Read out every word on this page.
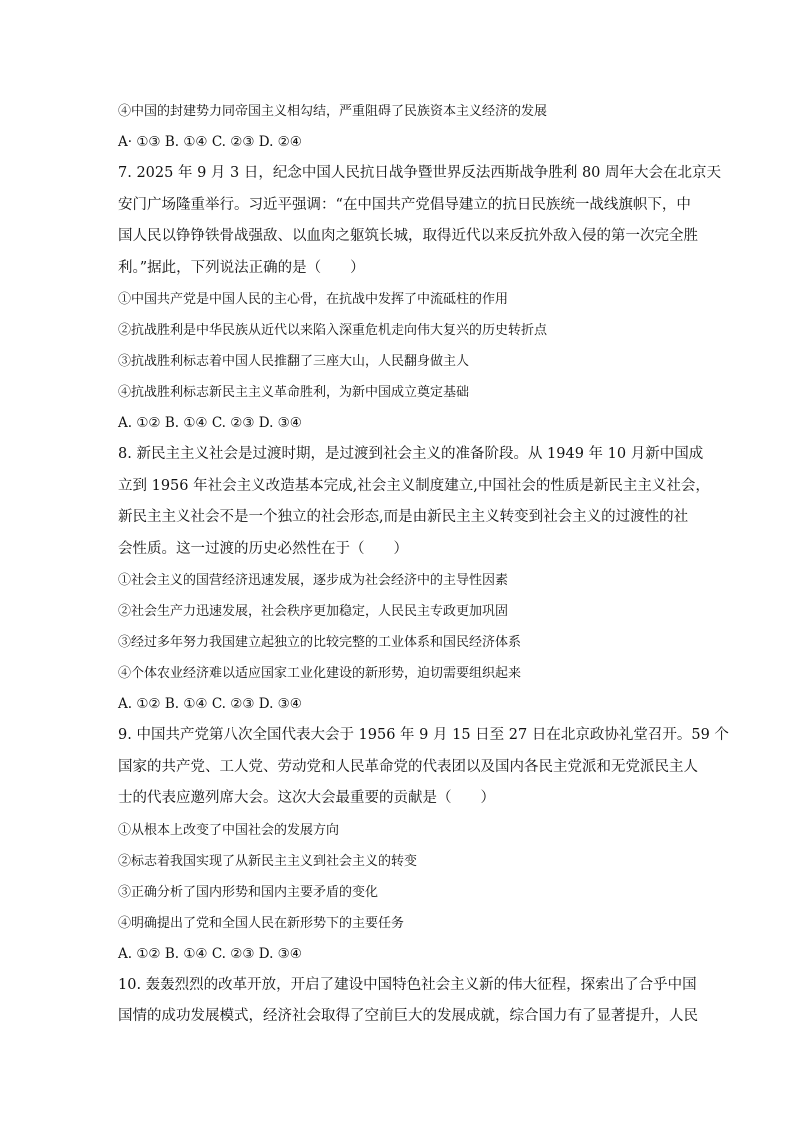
④中国的封建势力同帝国主义相勾结，严重阻碍了民族资本主义经济的发展
A· ①③ B. ①④ C. ②③ D. ②④
7. 2025 年 9 月 3 日，纪念中国人民抗日战争暨世界反法西斯战争胜利 80 周年大会在北京天
安门广场隆重举行。习近平强调：“在中国共产党倡导建立的抗日民族统一战线旗帜下，中
国人民以铮铮铁骨战强敌、以血肉之躯筑长城，取得近代以来反抗外敌入侵的第一次完全胜
利。”据此，下列说法正确的是（　　）
①中国共产党是中国人民的主心骨，在抗战中发挥了中流砥柱的作用
②抗战胜利是中华民族从近代以来陷入深重危机走向伟大复兴的历史转折点
③抗战胜利标志着中国人民推翻了三座大山，人民翻身做主人
④抗战胜利标志新民主主义革命胜利，为新中国成立奠定基础
A. ①② B. ①④ C. ②③ D. ③④
8. 新民主主义社会是过渡时期，是过渡到社会主义的准备阶段。从 1949 年 10 月新中国成
立到 1956 年社会主义改造基本完成,社会主义制度建立,中国社会的性质是新民主主义社会，
新民主主义社会不是一个独立的社会形态,而是由新民主主义转变到社会主义的过渡性的社
会性质。这一过渡的历史必然性在于（　　）
①社会主义的国营经济迅速发展，逐步成为社会经济中的主导性因素
②社会生产力迅速发展，社会秩序更加稳定，人民民主专政更加巩固
③经过多年努力我国建立起独立的比较完整的工业体系和国民经济体系
④个体农业经济难以适应国家工业化建设的新形势，迫切需要组织起来
A. ①② B. ①④ C. ②③ D. ③④
9. 中国共产党第八次全国代表大会于 1956 年 9 月 15 日至 27 日在北京政协礼堂召开。59 个
国家的共产党、工人党、劳动党和人民革命党的代表团以及国内各民主党派和无党派民主人
士的代表应邀列席大会。这次大会最重要的贡献是（　　）
①从根本上改变了中国社会的发展方向
②标志着我国实现了从新民主主义到社会主义的转变
③正确分析了国内形势和国内主要矛盾的变化
④明确提出了党和全国人民在新形势下的主要任务
A. ①② B. ①④ C. ②③ D. ③④
10. 轰轰烈烈的改革开放，开启了建设中国特色社会主义新的伟大征程，探索出了合乎中国
国情的成功发展模式，经济社会取得了空前巨大的发展成就，综合国力有了显著提升，人民
